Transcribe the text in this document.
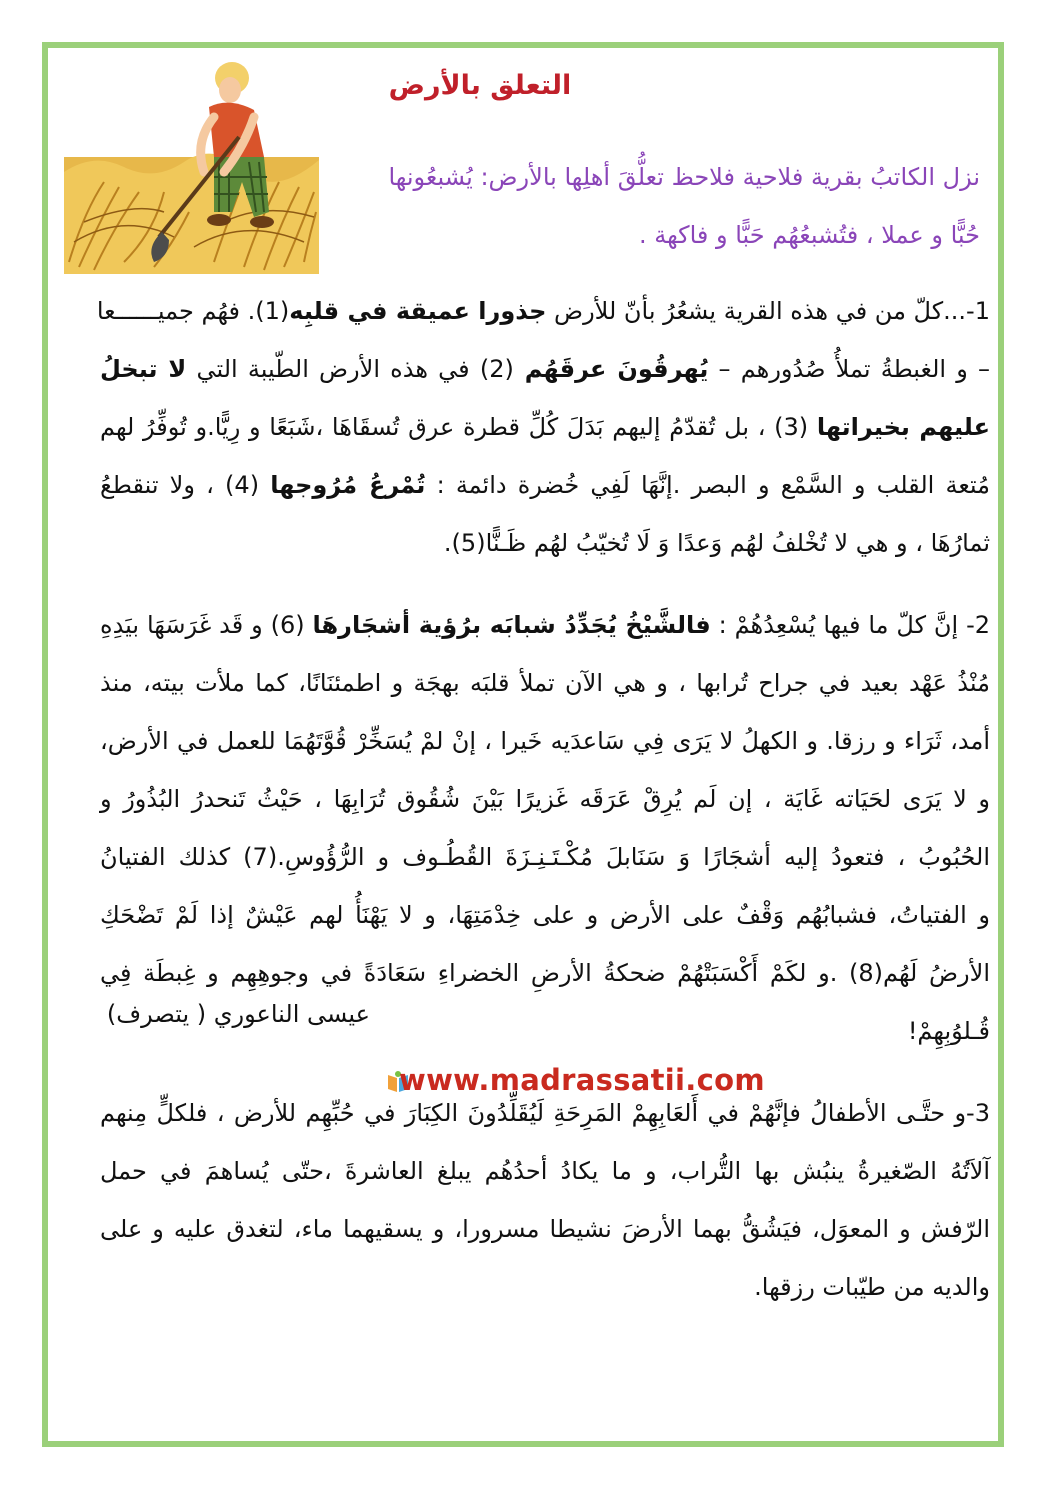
التعلق بالأرض
نزل الكاتبُ بقرية فلاحية فلاحظ تعلُّقَ أهلِها بالأرض: يُشبعُونها
حُبًّا و عملا ، فتُشبعُهُم حَبًّا و فاكهة .
1-...كلّ من في هذه القرية يشعُرُ بأنّ للأرض جذورا عميقة في قلبِه(1). فهُم جميــــــعا
– و الغبطةُ تملأُ صُدُورهم – يُهرقُونَ عرقَهُم (2) في هذه الأرض الطّيبة التي لا تبخلُ
عليهم بخيراتها (3) ، بل تُقدّمُ إليهم بَدَلَ كُلِّ قطرة عرق تُسقَاهَا ،شَبَعًا و رِيًّا.و تُوفِّرُ لهم
مُتعة القلب و السَّمْع و البصر .إنَّهَا لَفِي خُضرة دائمة : تُمْرعُ مُرُوجها (4) ، ولا تنقطعُ
ثمارُهَا ، و هي لا تُخْلفُ لهُم وَعدًا وَ لَا تُخيّبُ لهُم ظَـنًّا(5).
2- إنَّ كلّ ما فيها يُسْعِدُهُمْ : فالشَّيْخُ يُجَدِّدُ شبابَه برُؤية أشجَارهَا (6) و قَد غَرَسَهَا بيَدِهِ
مُنْذُ عَهْد بعيد في جراح تُرابها ، و هي الآن تملأ قلبَه بهجَة و اطمئنَانًا، كما ملأت بيته، منذ
أمد، ثَرَاء و رزقا. و الكهلُ لا يَرَى فِي سَاعدَيه خَيرا ، إنْ لمْ يُسَخِّرْ قُوَّتَهُمَا للعمل في الأرض،
و لا يَرَى لحَيَاته غَايَة ، إن لَم يُرِقْ عَرَقَه غَزيرًا بَيْنَ شُقُوق تُرَابِهَا ، حَيْثُ تَنحدرُ البُذُورُ و
الحُبُوبُ ، فتعودُ إليه أشجَارًا وَ سَنَابلَ مُكْـتَـنِـزَةَ القُطُـوف و الرُّؤُوسِ.(7) كذلك الفتيانُ
و الفتياتُ، فشبابُهُم وَقْفٌ على الأرض و على خِدْمَتِهَا، و لا يَهْنَأُ لهم عَيْشٌ إذا لَمْ تَضْحَكِ
الأرضُ لَهُم(8) .و لكَمْ أَكْسَبَتْهُمْ ضحكةُ الأرضِ الخضراءِ سَعَادَةً في وجوهِهِم و غِبطَة فِي
قُـلوُبِهِمْ!
3-و حتَّـى الأطفالُ فإنَّهُمْ في أَلعَابِهِمْ المَرِحَةِ لَيُقَلِّدُونَ الكِبَارَ في حُبِّهِم للأرض ، فلكلٍّ مِنهم
آلاَتُهُ الصّغيرةُ ينبُش بها التُّراب، و ما يكادُ أحدُهُم يبلغ العاشرةَ ،حتّى يُساهمَ في حمل
الرّفش و المعوَل، فيَشُقُّ بهما الأرضَ نشيطا مسرورا، و يسقيهما ماء، لتغدق عليه و على
والديه من طيّبات رزقها.
عيسى الناعوري ( يتصرف)
www.madrassatii.com
